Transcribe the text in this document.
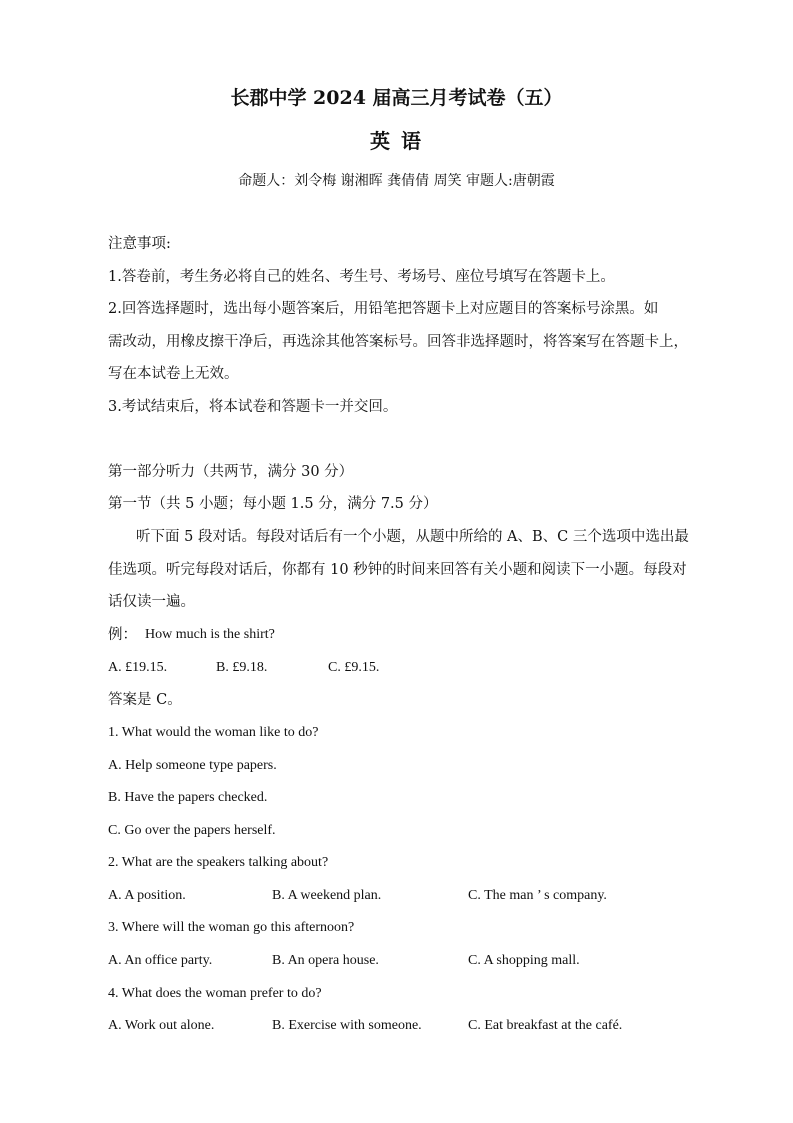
长郡中学 2024 届高三月考试卷（五）
英 语
命题人：刘令梅 谢湘晖 龚倩倩 周笑 审题人:唐朝霞
注意事项:
1.答卷前，考生务必将自己的姓名、考生号、考场号、座位号填写在答题卡上。
2.回答选择题时，选出每小题答案后，用铅笔把答题卡上对应题目的答案标号涂黑。如
需改动，用橡皮擦干净后，再选涂其他答案标号。回答非选择题时，将答案写在答题卡上，
写在本试卷上无效。
3.考试结束后，将本试卷和答题卡一并交回。
第一部分听力（共两节，满分 30 分）
第一节（共 5 小题；每小题 1.5 分，满分 7.5 分）
听下面 5 段对话。每段对话后有一个小题，从题中所给的 A、B、C 三个选项中选出最
佳选项。听完每段对话后，你都有 10 秒钟的时间来回答有关小题和阅读下一小题。每段对
话仅读一遍。
例： How much is the shirt?
A. £19.15.	B. £9.18.	C. £9.15.
答案是 C。
1. What would the woman like to do?
A. Help someone type papers.
B. Have the papers checked.
C. Go over the papers herself.
2. What are the speakers talking about?
A. A position.	B. A weekend plan.	C. The man ’ s company.
3. Where will the woman go this afternoon?
A. An office party.	B. An opera house.	C. A shopping mall.
4. What does the woman prefer to do?
A. Work out alone.	B. Exercise with someone.	C. Eat breakfast at the café.
